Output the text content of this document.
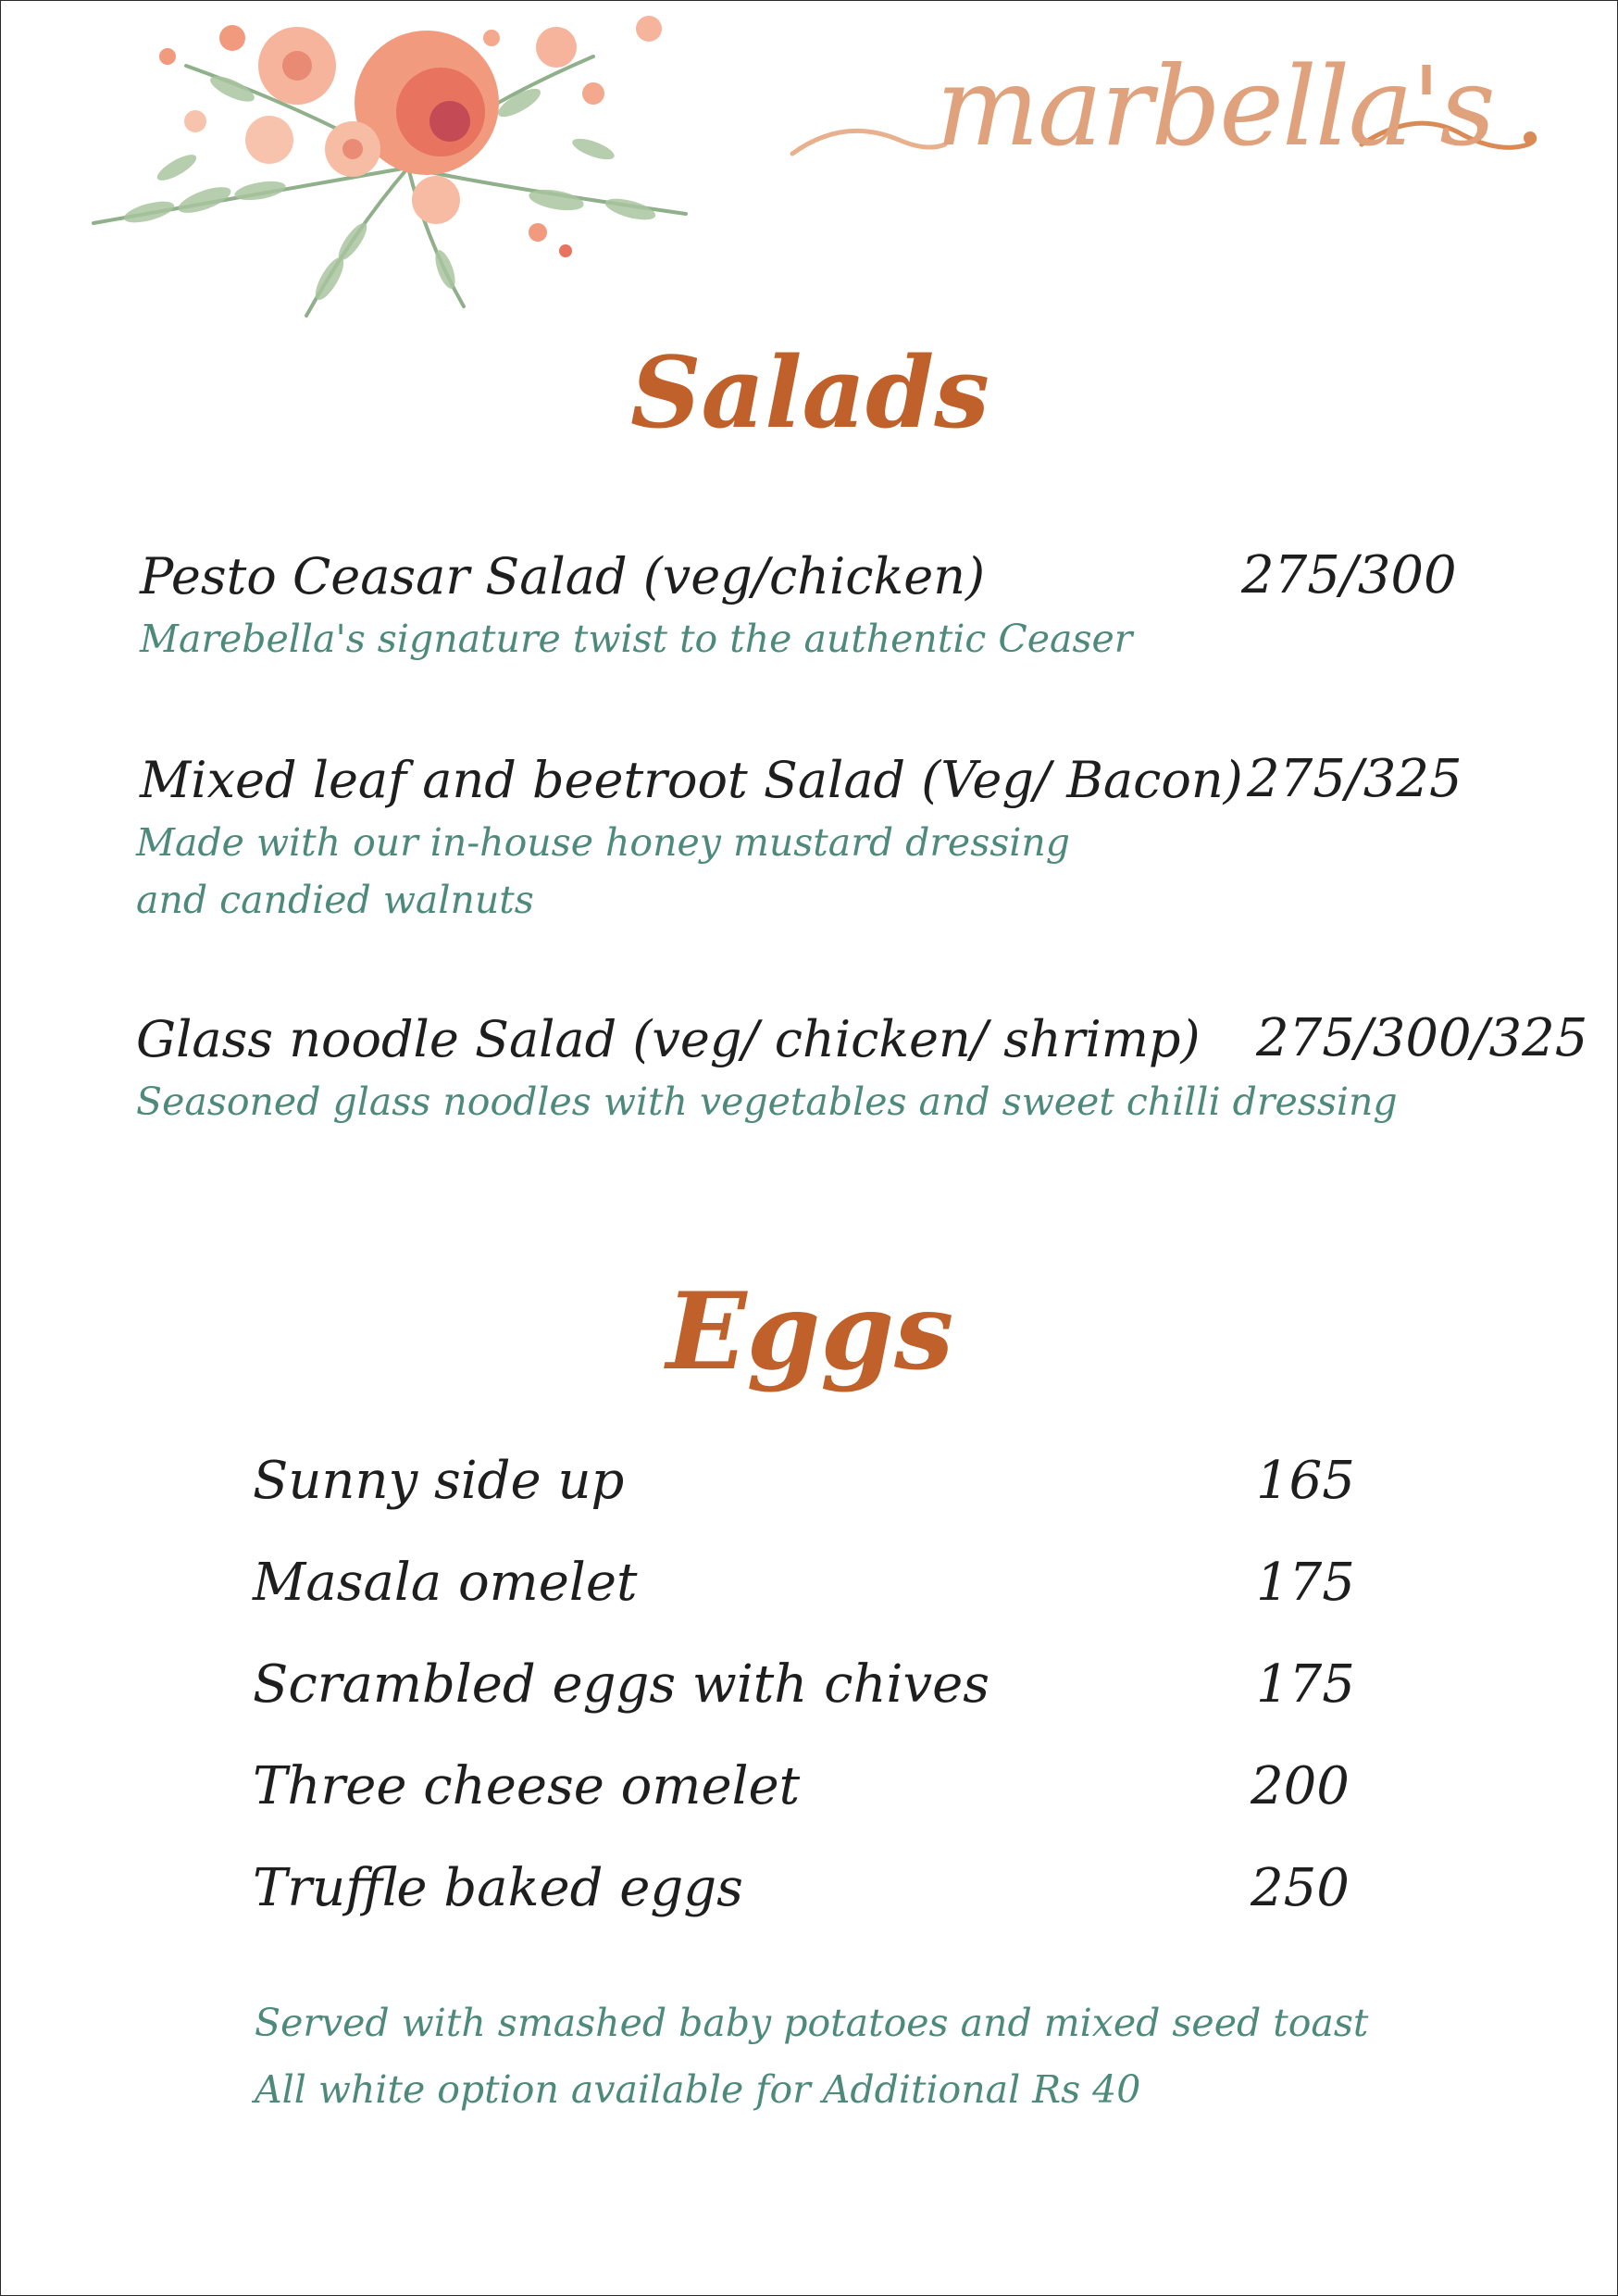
marbella's
Salads
Pesto Ceasar Salad (veg/chicken)	275/300
Marebella's signature twist to the authentic Ceaser
Mixed leaf and beetroot Salad (Veg/ Bacon) 275/325
Made with our in-house honey mustard dressing and candied walnuts
Glass noodle Salad (veg/ chicken/ shrimp) 275/300/325
Seasoned glass noodles with vegetables and sweet chilli dressing
Eggs
Sunny side up	165
Masala omelet	175
Scrambled eggs with chives	175
Three cheese omelet	200
Truffle baked eggs	250
Served with smashed baby potatoes and mixed seed toast
All white option available for Additional Rs 40
